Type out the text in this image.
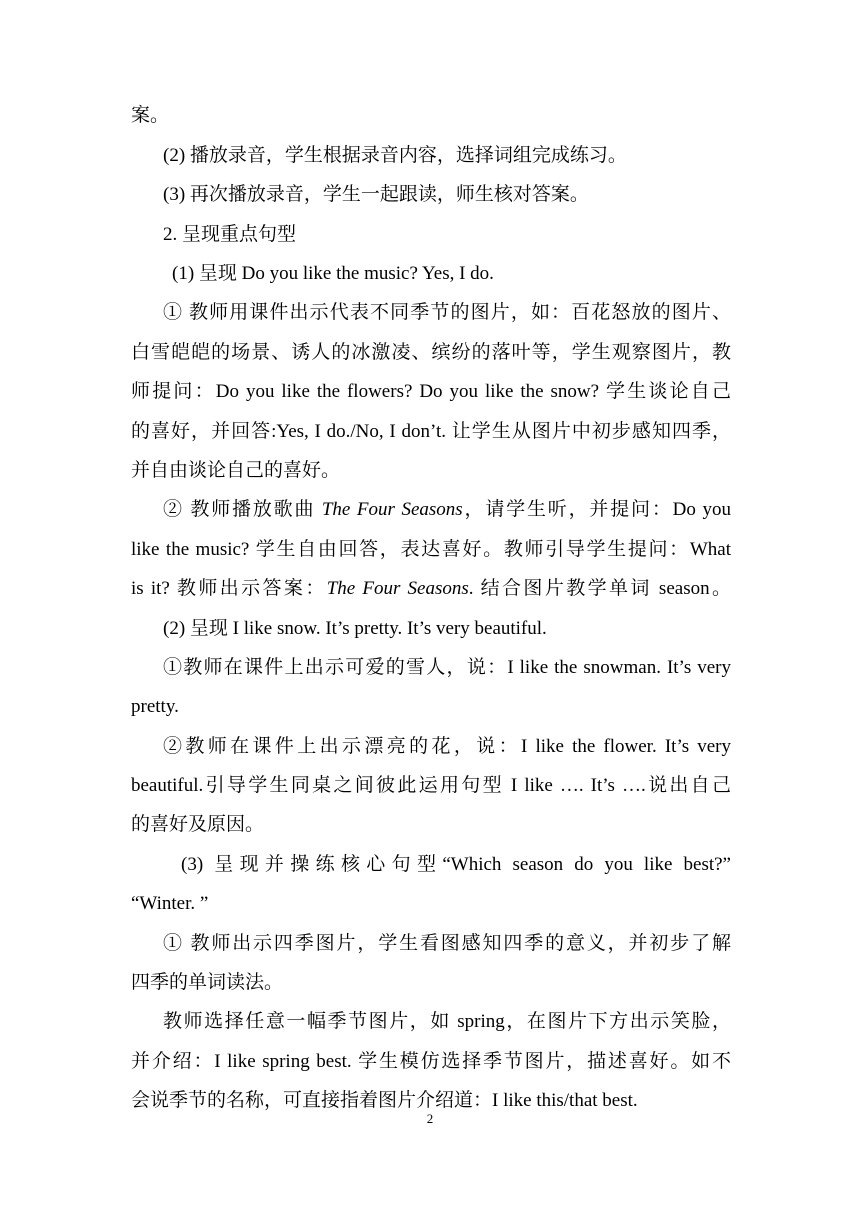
案。
(2) 播放录音，学生根据录音内容，选择词组完成练习。
(3) 再次播放录音，学生一起跟读，师生核对答案。
2. 呈现重点句型
(1) 呈现 Do you like the music? Yes, I do.
① 教师用课件出示代表不同季节的图片，如：百花怒放的图片、
白雪皑皑的场景、诱人的冰激凌、缤纷的落叶等，学生观察图片，教
师提问：Do you like the flowers? Do you like the snow? 学生谈论自己
的喜好，并回答:Yes, I do./No, I don’t. 让学生从图片中初步感知四季，
并自由谈论自己的喜好。
② 教师播放歌曲 The Four Seasons，请学生听，并提问：Do you
like the music? 学生自由回答，表达喜好。教师引导学生提问：What
is it? 教师出示答案：The Four Seasons. 结合图片教学单词 season。
(2) 呈现 I like snow. It’s pretty. It’s very beautiful.
①教师在课件上出示可爱的雪人，说：I like the snowman. It’s very
pretty.
②教师在课件上出示漂亮的花，说：I like the flower. It’s very
beautiful.引导学生同桌之间彼此运用句型 I like …. It’s ….说出自己
的喜好及原因。
(3) 呈现并操练核心句型“Which season do you like best?”
“Winter. ”
① 教师出示四季图片，学生看图感知四季的意义，并初步了解
四季的单词读法。
教师选择任意一幅季节图片，如 spring，在图片下方出示笑脸，
并介绍：I like spring best. 学生模仿选择季节图片，描述喜好。如不
会说季节的名称，可直接指着图片介绍道：I like this/that best.
2
